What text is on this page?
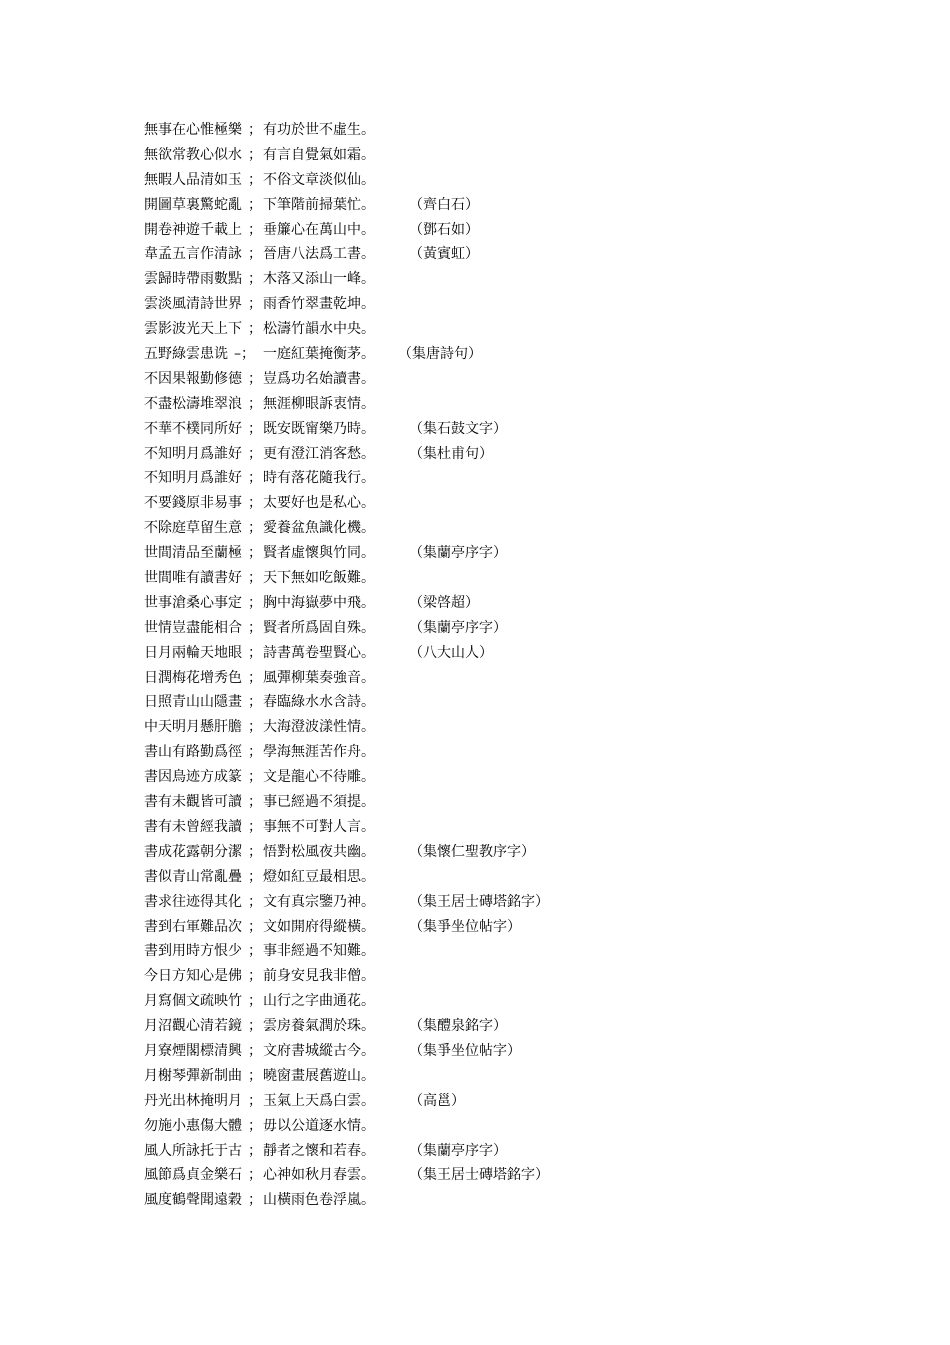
無事在心惟極樂 ； 有功於世不虛生。
無欲常教心似水 ； 有言自覺氣如霜。
無暇人品清如玉 ； 不俗文章淡似仙。
開圖草裏驚蛇亂 ； 下筆階前掃葉忙。 （齊白石）
開卷神遊千載上 ； 垂簾心在萬山中。 （鄧石如）
韋孟五言作清詠 ； 晉唐八法爲工書。 （黃賓虹）
雲歸時帶雨數點 ； 木落又添山一峰。
雲淡風清詩世界 ； 雨香竹翠畫乾坤。
雲影波光天上下 ； 松濤竹韻水中央。
五野綠雲患诜 –； 一庭紅葉掩衡茅。 （集唐詩句）
不因果報勤修德 ； 豈爲功名始讀書。
不盡松濤堆翠浪 ； 無涯柳眼訴衷情。
不華不樸同所好 ； 既安既甯樂乃時。 （集石鼓文字）
不知明月爲誰好 ； 更有澄江消客愁。 （集杜甫句）
不知明月爲誰好 ； 時有落花隨我行。
不要錢原非易事 ； 太要好也是私心。
不除庭草留生意 ； 愛養盆魚識化機。
世間清品至蘭極 ； 賢者虛懷與竹同。 （集蘭亭序字）
世間唯有讀書好 ； 天下無如吃飯難。
世事滄桑心事定 ； 胸中海嶽夢中飛。 （梁啓超）
世情豈盡能相合 ； 賢者所爲固自殊。 （集蘭亭序字）
日月兩輪天地眼 ； 詩書萬卷聖賢心。 （八大山人）
日潤梅花增秀色 ； 風彈柳葉奏強音。
日照青山山隱畫 ； 春臨綠水水含詩。
中天明月懸肝膽 ； 大海澄波漾性情。
書山有路勤爲徑 ； 學海無涯苦作舟。
書因鳥迹方成篆 ； 文是龍心不待雕。
書有未觀皆可讀 ； 事已經過不須提。
書有未曾經我讀 ； 事無不可對人言。
書成花露朝分潔 ； 悟對松風夜共幽。 （集懷仁聖教序字）
書似青山常亂疊 ； 燈如紅豆最相思。
書求往迹得其化 ； 文有真宗鑒乃神。 （集王居士磚塔銘字）
書到右軍難品次 ； 文如開府得縱橫。 （集爭坐位帖字）
書到用時方恨少 ； 事非經過不知難。
今日方知心是佛 ； 前身安見我非僧。
月寫個文疏映竹 ； 山行之字曲通花。
月沼觀心清若鏡 ； 雲房養氣潤於珠。 （集醴泉銘字）
月寮煙閣標清興 ； 文府書城縱古今。 （集爭坐位帖字）
月榭琴彈新制曲 ； 曉窗畫展舊遊山。
丹光出林掩明月 ； 玉氣上天爲白雲。 （高邕）
勿施小惠傷大體 ； 毋以公道逐水情。
風人所詠托于古 ； 靜者之懷和若春。 （集蘭亭序字）
風節爲貞金樂石 ； 心神如秋月春雲。 （集王居士磚塔銘字）
風度鶴聲聞遠穀 ； 山橫雨色卷浮嵐。
